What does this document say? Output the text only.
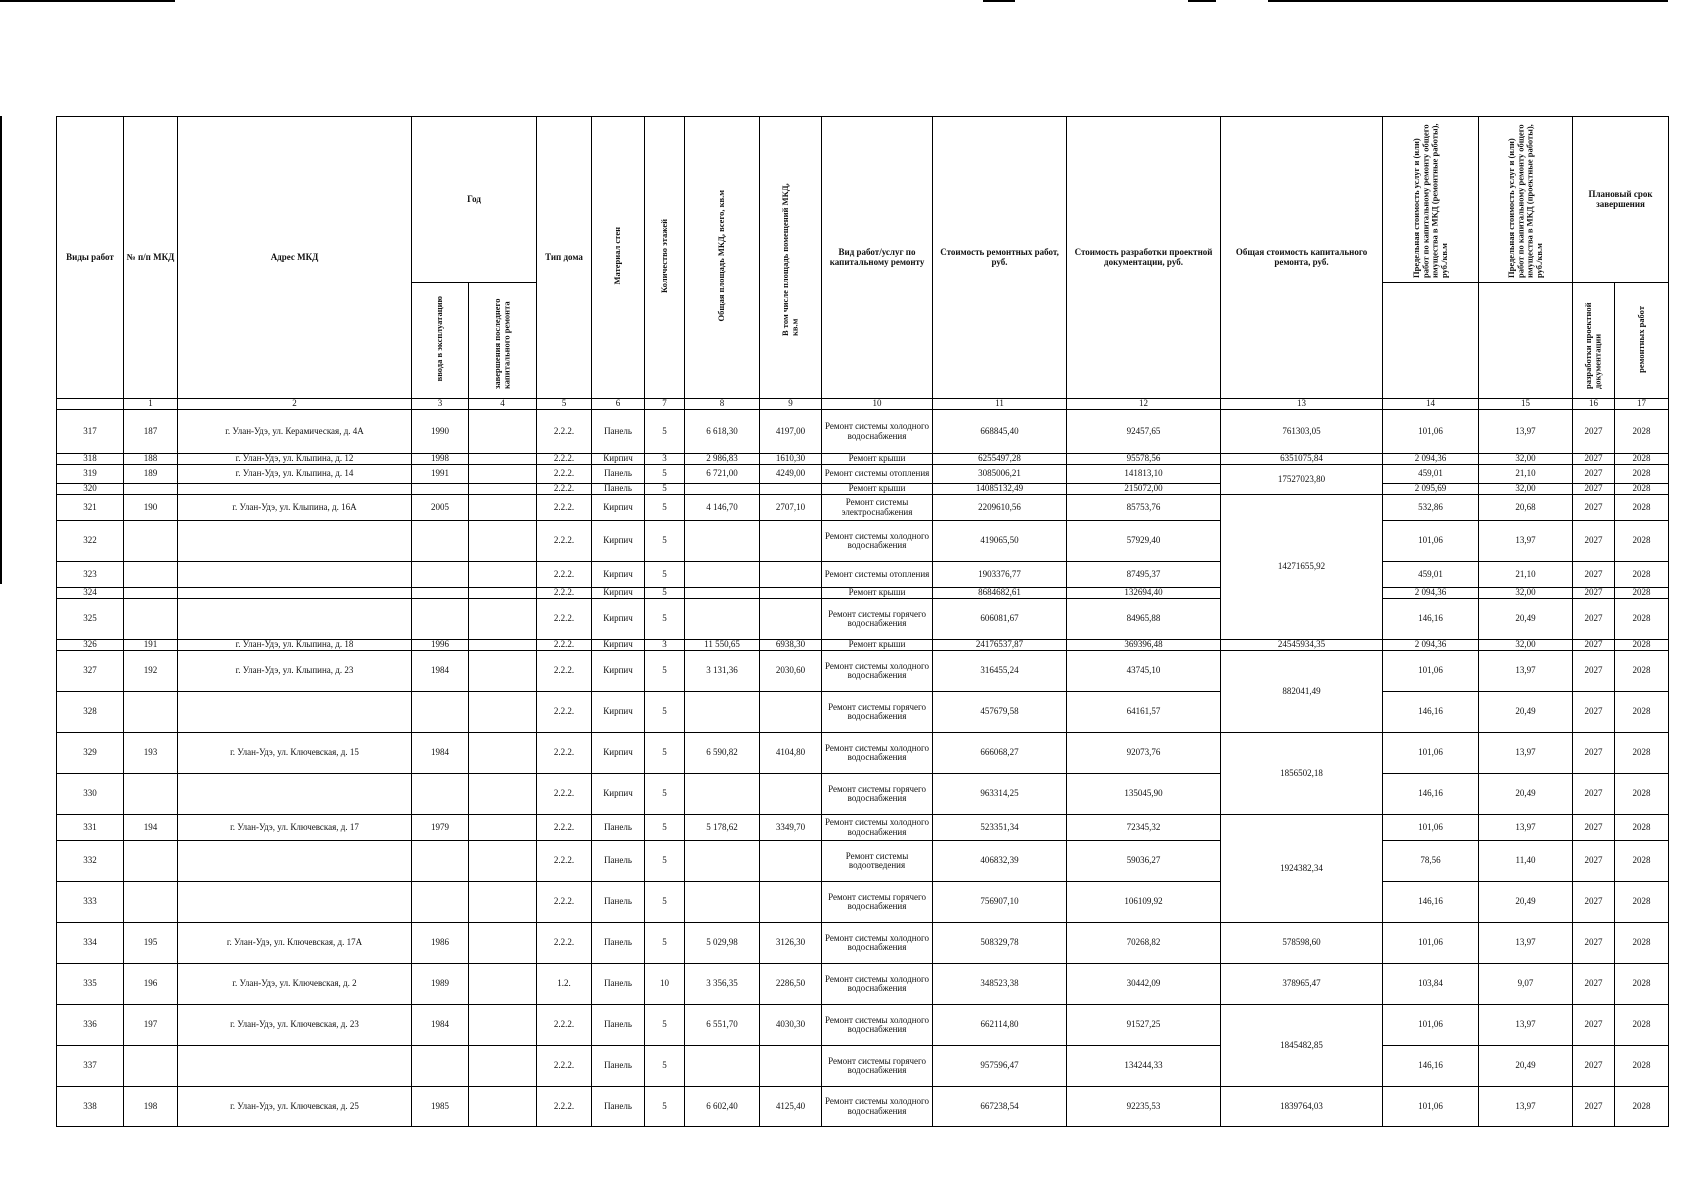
Виды работ	№ п/п МКД	Адрес МКД	Год		Тип дома	Материал стен	Количество этажей	Общая площадь МКД, всего, кв.м	В том числе площадь помещений МКД, кв.м	Вид работ/услуг по капитальному ремонту	Стоимость ремонтных работ, руб.	Стоимость разработки проектной документации, руб.	Общая стоимость капитального ремонта, руб.	Предельная стоимость услуг и (или) работ по капитальному ремонту общего имущества в МКД (ремонтные работы), руб./кв.м	Предельная стоимость услуг и (или) работ по капитальному ремонту общего имущества в МКД (проектные работы), руб./кв.м	Плановый срок завершения	
			ввода в эксплуатацию	завершения последнего капитального ремонта												разработки проектной документации	ремонтных работ
	1	2	3	4	5	6	7	8	9	10	11	12	13	14	15	16	17
317	187	г. Улан-Удэ, ул. Керамическая, д. 4А	1990		2.2.2.	Панель	5	6 618,30	4197,00	Ремонт системы холодного водоснабжения	668845,40	92457,65	761303,05	101,06	13,97	2027	2028
318	188	г. Улан-Удэ, ул. Клыпина, д. 12	1998		2.2.2.	Кирпич	3	2 986,83	1610,30	Ремонт крыши	6255497,28	95578,56	6351075,84	2 094,36	32,00	2027	2028
319	189	г. Улан-Удэ, ул. Клыпина, д. 14	1991		2.2.2.	Панель	5	6 721,00	4249,00	Ремонт системы отопления	3085006,21	141813,10	17527023,80	459,01	21,10	2027	2028
320					2.2.2.	Панель	5			Ремонт крыши	14085132,49	215072,00		2 095,69	32,00	2027	2028
321	190	г. Улан-Удэ, ул. Клыпина, д. 16А	2005		2.2.2.	Кирпич	5	4 146,70	2707,10	Ремонт системы электроснабжения	2209610,56	85753,76	14271655,92	532,86	20,68	2027	2028
322					2.2.2.	Кирпич	5			Ремонт системы холодного водоснабжения	419065,50	57929,40		101,06	13,97	2027	2028
323					2.2.2.	Кирпич	5			Ремонт системы отопления	1903376,77	87495,37		459,01	21,10	2027	2028
324					2.2.2.	Кирпич	5			Ремонт крыши	8684682,61	132694,40		2 094,36	32,00	2027	2028
325					2.2.2.	Кирпич	5			Ремонт системы горячего водоснабжения	606081,67	84965,88		146,16	20,49	2027	2028
326	191	г. Улан-Удэ, ул. Клыпина, д. 18	1996		2.2.2.	Кирпич	3	11 550,65	6938,30	Ремонт крыши	24176537,87	369396,48	24545934,35	2 094,36	32,00	2027	2028
327	192	г. Улан-Удэ, ул. Клыпина, д. 23	1984		2.2.2.	Кирпич	5	3 131,36	2030,60	Ремонт системы холодного водоснабжения	316455,24	43745,10	882041,49	101,06	13,97	2027	2028
328					2.2.2.	Кирпич	5			Ремонт системы горячего водоснабжения	457679,58	64161,57		146,16	20,49	2027	2028
329	193	г. Улан-Удэ, ул. Ключевская, д. 15	1984		2.2.2.	Кирпич	5	6 590,82	4104,80	Ремонт системы холодного водоснабжения	666068,27	92073,76	1856502,18	101,06	13,97	2027	2028
330					2.2.2.	Кирпич	5			Ремонт системы горячего водоснабжения	963314,25	135045,90		146,16	20,49	2027	2028
331	194	г. Улан-Удэ, ул. Ключевская, д. 17	1979		2.2.2.	Панель	5	5 178,62	3349,70	Ремонт системы холодного водоснабжения	523351,34	72345,32	1924382,34	101,06	13,97	2027	2028
332					2.2.2.	Панель	5			Ремонт системы водоотведения	406832,39	59036,27		78,56	11,40	2027	2028
333					2.2.2.	Панель	5			Ремонт системы горячего водоснабжения	756907,10	106109,92		146,16	20,49	2027	2028
334	195	г. Улан-Удэ, ул. Ключевская, д. 17А	1986		2.2.2.	Панель	5	5 029,98	3126,30	Ремонт системы холодного водоснабжения	508329,78	70268,82	578598,60	101,06	13,97	2027	2028
335	196	г. Улан-Удэ, ул. Ключевская, д. 2	1989		1.2.	Панель	10	3 356,35	2286,50	Ремонт системы холодного водоснабжения	348523,38	30442,09	378965,47	103,84	9,07	2027	2028
336	197	г. Улан-Удэ, ул. Ключевская, д. 23	1984		2.2.2.	Панель	5	6 551,70	4030,30	Ремонт системы холодного водоснабжения	662114,80	91527,25	1845482,85	101,06	13,97	2027	2028
337					2.2.2.	Панель	5			Ремонт системы горячего водоснабжения	957596,47	134244,33		146,16	20,49	2027	2028
338	198	г. Улан-Удэ, ул. Ключевская, д. 25	1985		2.2.2.	Панель	5	6 602,40	4125,40	Ремонт системы холодного водоснабжения	667238,54	92235,53	1839764,03	101,06	13,97	2027	2028
